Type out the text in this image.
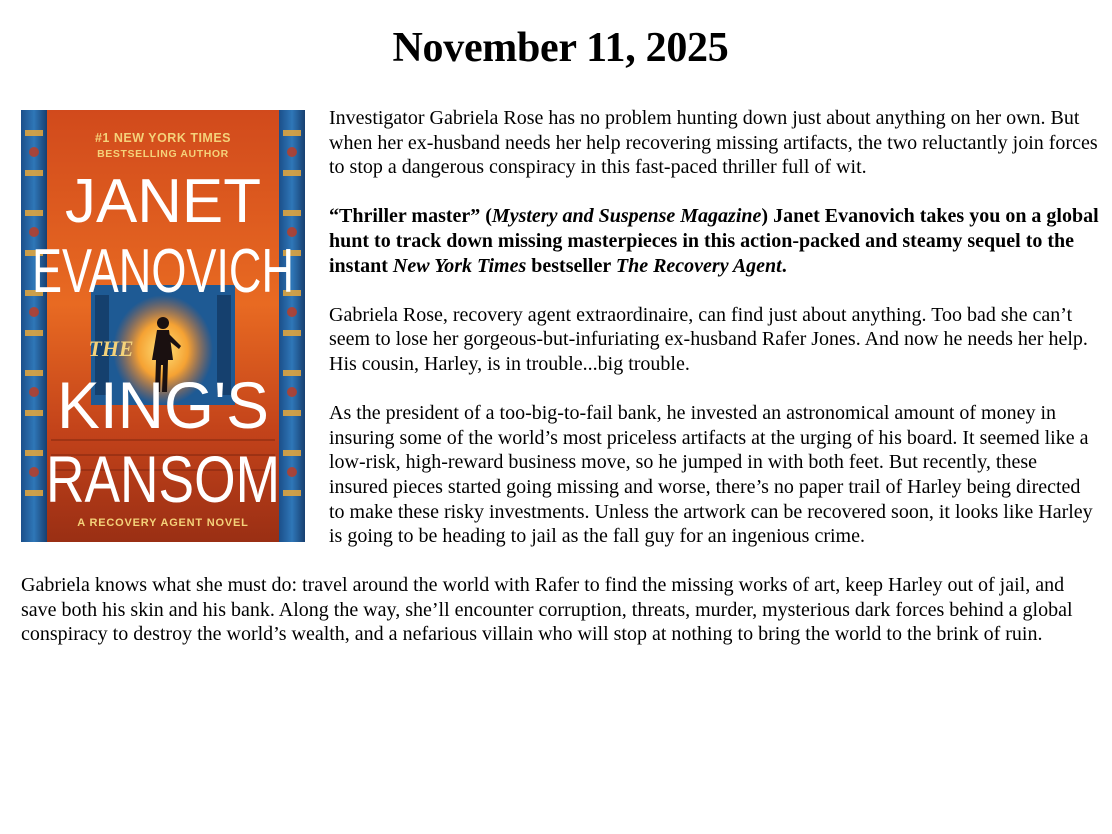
November 11, 2025
#1 NEW YORK TIMES
BESTSELLING AUTHOR
JANET
EVANOVICH
THE
KING'S
RANSOM
A RECOVERY AGENT NOVEL

Investigator Gabriela Rose has no problem hunting down just about anything on her own. But when her ex-husband needs her help recovering missing artifacts, the two reluctantly join forces to stop a dangerous conspiracy in this fast-paced thriller full of wit.

“Thriller master” (Mystery and Suspense Magazine) Janet Evanovich takes you on a global hunt to track down missing masterpieces in this action-packed and steamy sequel to the instant New York Times bestseller The Recovery Agent.

Gabriela Rose, recovery agent extraordinaire, can find just about anything. Too bad she can’t seem to lose her gorgeous-but-infuriating ex-husband Rafer Jones. And now he needs her help. His cousin, Harley, is in trouble...big trouble.

As the president of a too-big-to-fail bank, he invested an astronomical amount of money in insuring some of the world’s most priceless artifacts at the urging of his board. It seemed like a low-risk, high-reward business move, so he jumped in with both feet. But recently, these insured pieces started going missing and worse, there’s no paper trail of Harley being directed to make these risky investments. Unless the artwork can be recovered soon, it looks like Harley is going to be heading to jail as the fall guy for an ingenious crime.

Gabriela knows what she must do: travel around the world with Rafer to find the missing works of art, keep Harley out of jail, and save both his skin and his bank. Along the way, she’ll encounter corruption, threats, murder, mysterious dark forces behind a global conspiracy to destroy the world’s wealth, and a nefarious villain who will stop at nothing to bring the world to the brink of ruin.
